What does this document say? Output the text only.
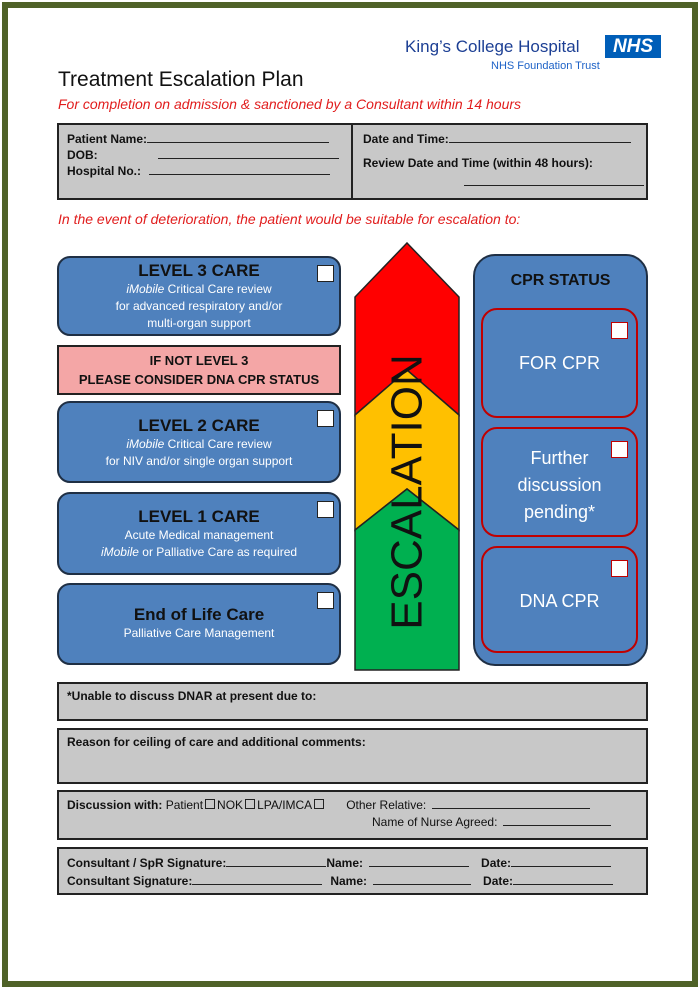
King’s College Hospital
NHS Foundation Trust
NHS
Treatment Escalation Plan
For completion on admission & sanctioned by a Consultant within 14 hours
Patient Name:
DOB:
Hospital No.:
Date and Time:
Review Date and Time (within 48 hours):
In the event of deterioration, the patient would be suitable for escalation to:
LEVEL 3 CARE
iMobile Critical Care review
for advanced respiratory and/or
multi-organ support
IF NOT LEVEL 3
PLEASE CONSIDER DNA CPR STATUS
LEVEL 2 CARE
iMobile Critical Care review
for NIV and/or single organ support
LEVEL 1 CARE
Acute Medical management
iMobile or Palliative Care as required
End of Life Care
Palliative Care Management
ESCALATION
CPR STATUS
FOR CPR
Further
discussion
pending*
DNA CPR
*Unable to discuss DNAR at present due to:
Reason for ceiling of care and additional comments:
Discussion with:
Patient NOK LPA/IMCA	Other Relative:
Name of Nurse Agreed:
Consultant / SpR Signature:	Name:	Date:
Consultant Signature:	Name:	Date:
